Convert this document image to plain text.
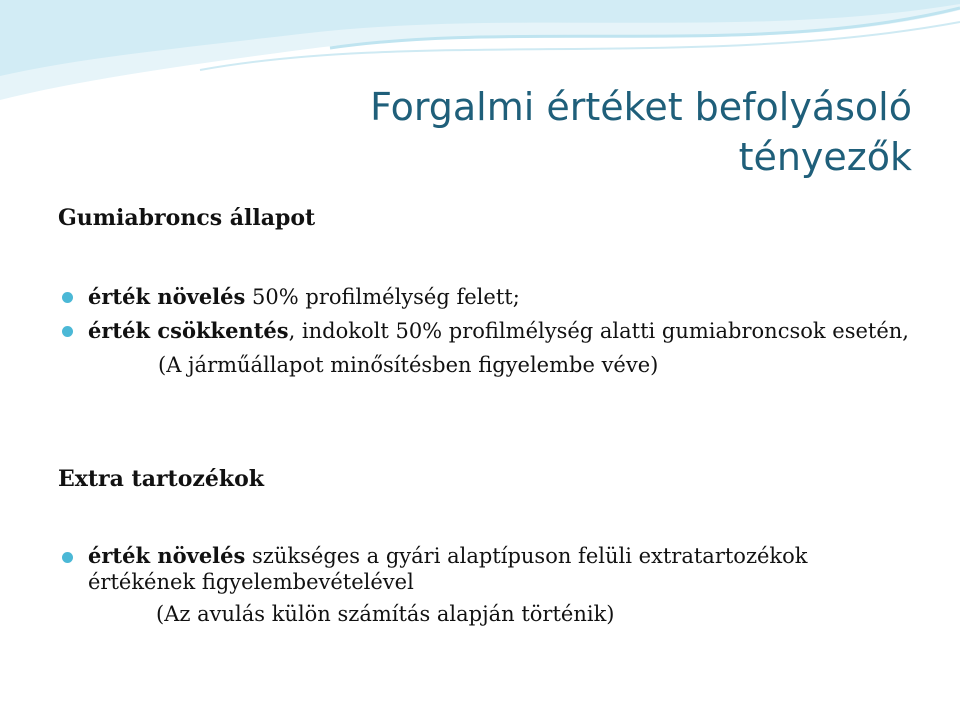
Forgalmi értéket befolyásoló
tényezők
Gumiabroncs állapot
érték növelés 50% profilmélység felett;
érték csökkentés, indokolt 50% profilmélység alatti gumiabroncsok esetén,
(A járműállapot minősítésben figyelembe véve)
Extra tartozékok
érték növelés szükséges a gyári alaptípuson felüli extratartozékok értékének figyelembevételével
(Az avulás külön számítás alapján történik)
